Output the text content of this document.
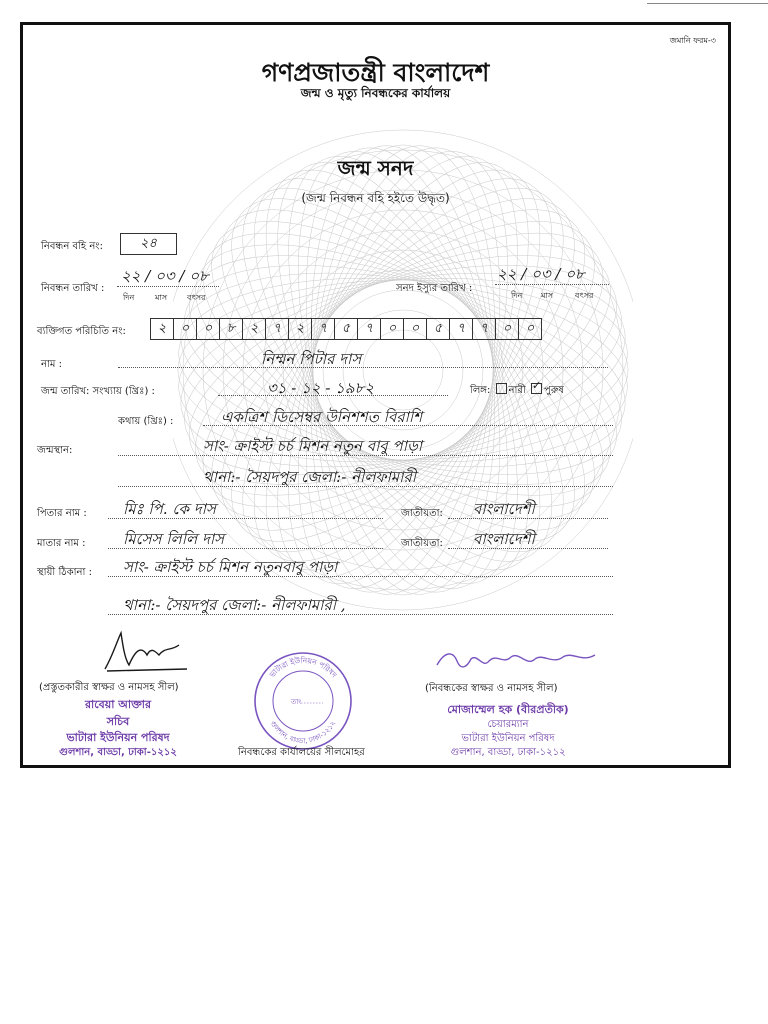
জমানি ফরম-৩
গণপ্রজাতন্ত্রী বাংলাদেশ
জন্ম ও মৃত্যু নিবন্ধকের কার্যালয়
জন্ম সনদ
(জন্ম নিবন্ধন বহি হইতে উদ্ধৃত)
নিবন্ধন বহি নং:	২৪
নিবন্ধন তারিখ :
২২ / ০৩ / ০৮
দিন	মাস বৎসর
সনদ ইস্যুর তারিখ :
২২ / ০৩ / ০৮
দিন মাস	বৎসর
ব্যক্তিগত পরিচিতি নং:	২	০	০	৮	২	৭	২	৭	৫	৭	০	০	৫	৭	৭	০	০
নাম :	নিম্মন পিটার দাস
জন্ম তারিখ: সংখ্যায় (খ্রিঃ) :	৩১ - ১২ - ১৯৮২	লিঙ্গ: নারী ✓ পুরুষ
কথায় (খ্রিঃ) :	একত্রিশ ডিসেম্বর উনিশশত বিরাশি
জন্মস্থান:	সাং- ক্রাইস্ট চর্চ মিশন নতুন বাবু পাড়া
থানা:- সৈয়দপুর জেলা:- নীলফামারী
পিতার নাম : মিঃ পি. কে দাস	জাতীয়তা: বাংলাদেশী
মাতার নাম : মিসেস লিলি দাস	জাতীয়তা: বাংলাদেশী
স্থায়ী ঠিকানা : সাং- ক্রাইস্ট চর্চ মিশন নতুনবাবু পাড়া
থানা:- সৈয়দপুর জেলা:- নীলফামারী ,
(প্রস্তুতকারীর স্বাক্ষর ও নামসহ সীল)
রাবেয়া আক্তার
সচিব
ভাটারা ইউনিয়ন পরিষদ
গুলশান, বাড্ডা, ঢাকা-১২১২
ভাটারা ইউনিয়ন পরিষদ
গুলশান, বাড্ডা, ঢাকা-১২১২
তাং
নিবন্ধকের কার্যালয়ের সীলমোহর
(নিবন্ধকের স্বাক্ষর ও নামসহ সীল)
মোজাম্মেল হক (বীরপ্রতীক)
চেয়ারম্যান
ভাটারা ইউনিয়ন পরিষদ
গুলশান, বাড্ডা, ঢাকা-১২১২
